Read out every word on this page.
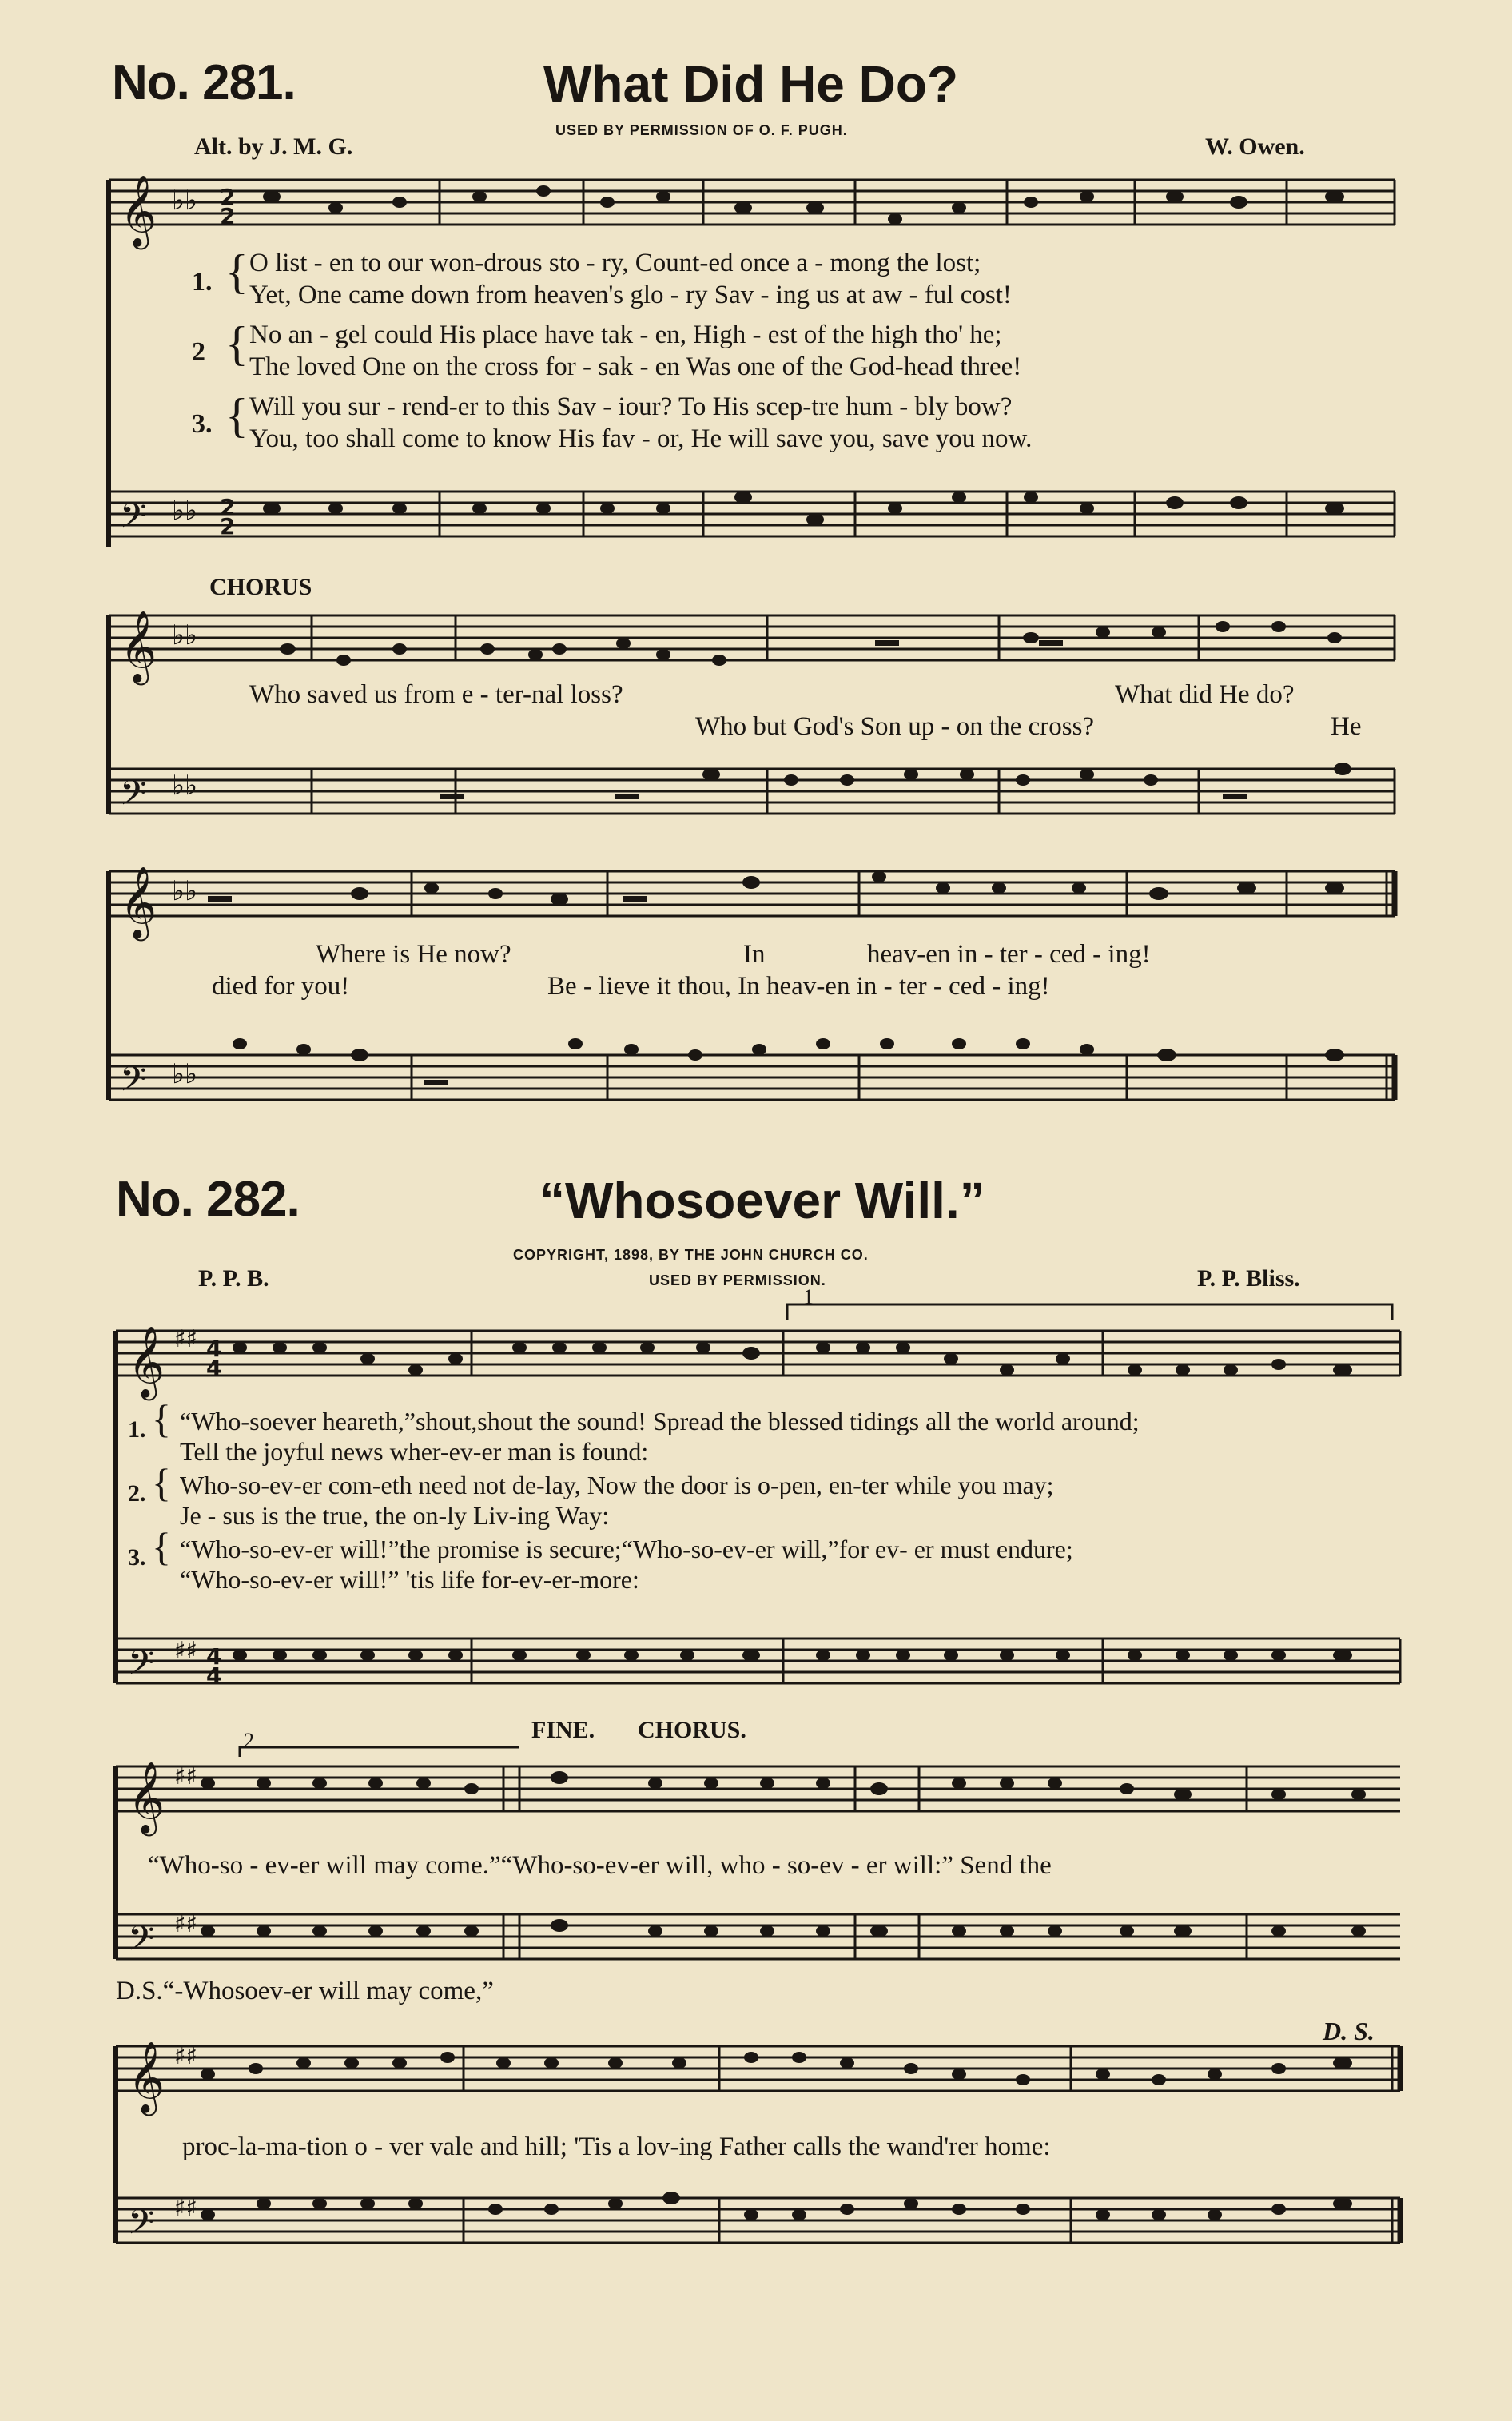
No. 281.	What Did He Do?
USED BY PERMISSION OF O. F. PUGH.
Alt. by J. M. G.	W. Owen.
𝄞
𝄢
𝄞
𝄢
𝄞
𝄢
♭♭
♭♭
♭♭
♭♭
♭♭
♭♭
2
2
2
2
1. { O list - en to our won-drous sto - ry, Count-ed once a - mong the lost;
Yet, One came down from heaven's glo - ry Sav - ing us at aw - ful cost!
2 { No an - gel could His place have tak - en, High - est of the high tho' he;
The loved One on the cross for - sak - en Was one of the God-head three!
3. { Will you sur - rend-er to this Sav - iour? To His scep-tre hum - bly bow?
You, too shall come to know His fav - or, He will save you, save you now.
CHORUS
Who saved us from e - ter-nal loss?	What did He do?
Who but God's Son up - on the cross?	He
Where is He now?	In	heav-en in - ter - ced - ing!
died for you!	Be - lieve it thou, In heav-en in - ter - ced - ing!
No. 282.	“Whosoever Will.”
COPYRIGHT, 1898, BY THE JOHN CHURCH CO.
USED BY PERMISSION.
P. P. B.	P. P. Bliss.
𝄞
𝄢
𝄞
𝄢
𝄞
𝄢
♯♯
♯♯
♯♯
♯♯
♯♯
♯♯
4
4
4
4
1
2
1. { “Who-soever heareth,”shout,shout the sound! Spread the blessed tidings all the world around;
Tell the joyful news wher-ev-er man is found:
2. { Who-so-ev-er com-eth need not de-lay, Now the door is o-pen, en-ter while you may;
Je - sus is the true, the on-ly Liv-ing Way:
3. { “Who-so-ev-er will!”the promise is secure;“Who-so-ev-er will,”for ev- er must endure;
“Who-so-ev-er will!” 'tis life for-ev-er-more:
FINE. CHORUS.
“Who-so - ev-er will may come.”“Who-so-ev-er will, who - so-ev - er will:” Send the
D.S.“-Whosoev-er will may come,”
D. S.
proc-la-ma-tion o - ver vale and hill; 'Tis a lov-ing Father calls the wand'rer home:
